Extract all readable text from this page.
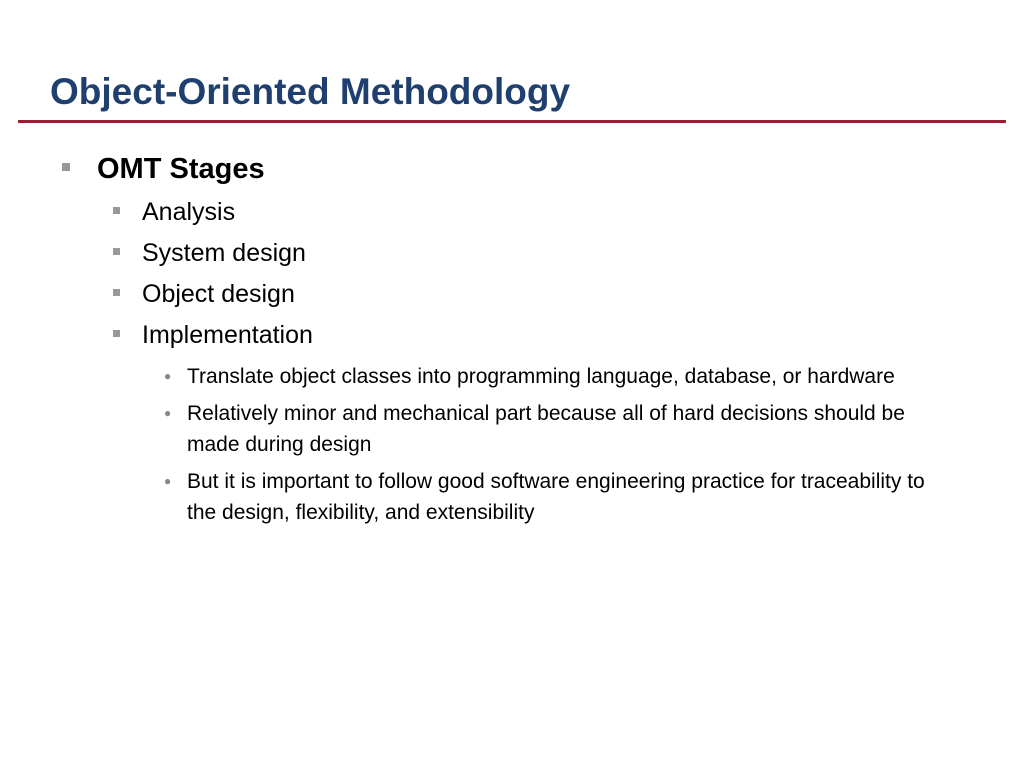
Object-Oriented Methodology
OMT Stages
Analysis
System design
Object design
Implementation
● Translate object classes into programming language, database, or hardware
● Relatively minor and mechanical part because all of hard decisions should be made during design
● But it is important to follow good software engineering practice for traceability to the design, flexibility, and extensibility
